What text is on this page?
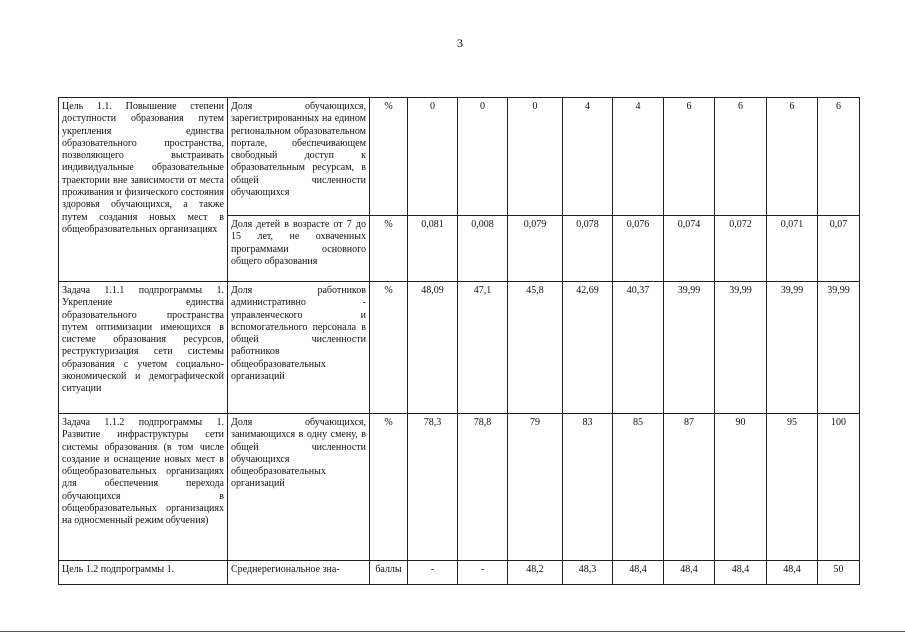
3
Цель 1.1. Повышение степени доступности образования путем укрепления единства образовательного пространства, позволяющего выстраивать индивидуальные образовательные траектории вне зависимости от места проживания и физического состояния здоровья обучающихся, а также путем создания новых мест в общеобразовательных организациях	Доля обучающихся, зарегистрированных на едином региональном образовательном портале, обеспечивающем свободный доступ к образовательным ресурсам, в общей численности обучающихся	%	0	0	0	4	4	6	6	6	6
	Доля детей в возрасте от 7 до 15 лет, не охваченных программами основного общего образования	%	0,081	0,008	0,079	0,078	0,076	0,074	0,072	0,071	0,07
Задача 1.1.1 подпрограммы 1. Укрепление единства образовательного пространства путем оптимизации имеющихся в системе образования ресурсов, реструктуризация сети системы образования с учетом социально-экономической и демографической ситуации	Доля работников административно - управленческого и вспомогательного персонала в общей численности работников общеобразовательных организаций	%	48,09	47,1	45,8	42,69	40,37	39,99	39,99	39,99	39,99
Задача 1.1.2 подпрограммы 1. Развитие инфраструктуры сети системы образования (в том числе создание и оснащение новых мест в общеобразовательных организациях для обеспечения перехода обучающихся в общеобразовательных организациях на односменный режим обучения)	Доля обучающихся, занимающихся в одну смену, в общей численности обучающихся общеобразовательных организаций	%	78,3	78,8	79	83	85	87	90	95	100

Цель 1.2 подпрограммы 1.	Среднерегиональное зна-	баллы	-	-	48,2	48,3	48,4	48,4	48,4	48,4	50
